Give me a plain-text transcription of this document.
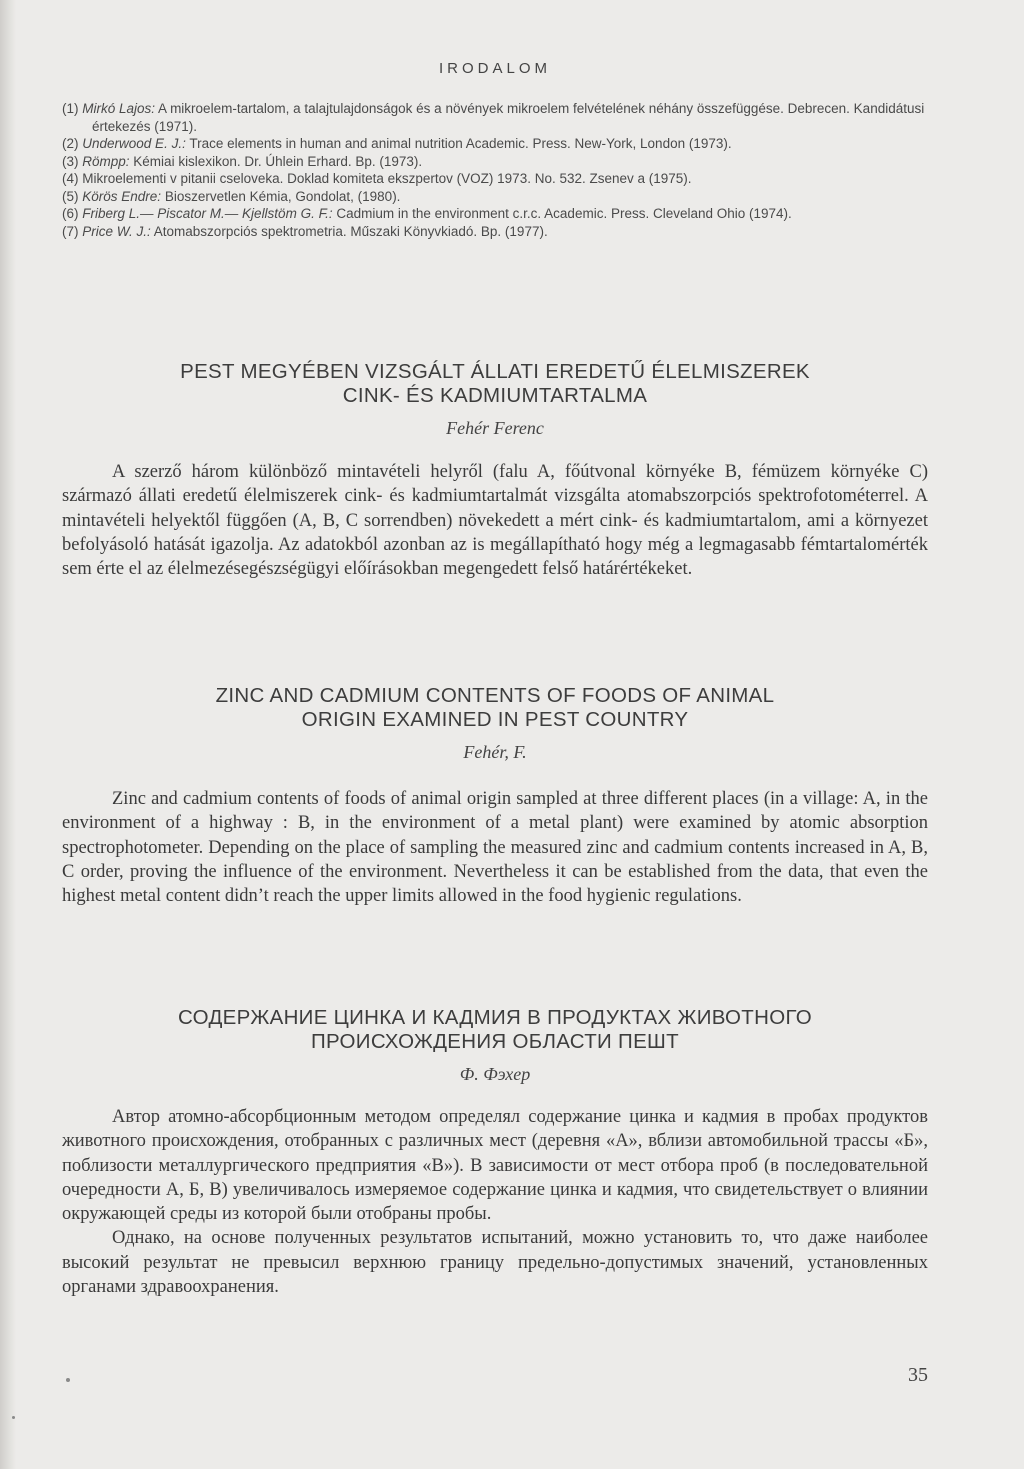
IRODALOM

(1) Mirkó Lajos: A mikroelem-tartalom, a talajtulajdonságok és a növények mikroelem felvételének néhány összefüggése. Debrecen. Kandidátusi értekezés (1971).

(2) Underwood E. J.: Trace elements in human and animal nutrition Academic. Press. New-York, London (1973).

(3) Römpp: Kémiai kislexikon. Dr. Úhlein Erhard. Bp. (1973).

(4) Mikroelementi v pitanii cseloveka. Doklad komiteta ekszpertov (VOZ) 1973. No. 532. Zsenev a (1975).

(5) Körös Endre: Bioszervetlen Kémia, Gondolat, (1980).

(6) Friberg L.— Piscator M.— Kjellstöm G. F.: Cadmium in the environment c.r.c. Academic. Press. Cleveland Ohio (1974).

(7) Price W. J.: Atomabszorpciós spektrometria. Műszaki Könyvkiadó. Bp. (1977).

PEST MEGYÉBEN VIZSGÁLT ÁLLATI EREDETŰ ÉLELMISZEREK
CINK- ÉS KADMIUMTARTALMA
Fehér Ferenc

A szerző három különböző mintavételi helyről (falu A, főútvonal környéke B, fémüzem környéke C) származó állati eredetű élelmiszerek cink- és kadmiumtartalmát vizsgálta atomabszorpciós spektrofotométerrel. A mintavételi helyektől függően (A, B, C sorrendben) növekedett a mért cink- és kadmiumtartalom, ami a környezet befolyásoló hatását igazolja. Az adatokból azonban az is megállapítható hogy még a legmagasabb fémtartalomérték sem érte el az élelmezésegészségügyi előírásokban megengedett felső határértékeket.

ZINC AND CADMIUM CONTENTS OF FOODS OF ANIMAL
ORIGIN EXAMINED IN PEST COUNTRY
Fehér, F.

Zinc and cadmium contents of foods of animal origin sampled at three different places (in a village: A, in the environment of a highway : B, in the environment of a metal plant) were examined by atomic absorption spectrophotometer. Depending on the place of sampling the measured zinc and cadmium contents increased in A, B, C order, proving the influence of the environment. Nevertheless it can be established from the data, that even the highest metal content didn’t reach the upper limits allowed in the food hygienic regulations.

СОДЕРЖАНИЕ ЦИНКА И КАДМИЯ В ПРОДУКТАХ ЖИВОТНОГО
ПРОИСХОЖДЕНИЯ ОБЛАСТИ ПЕШТ
Ф. Фэхер

Автор атомно-абсорбционным методом определял содержание цинка и кадмия в пробах продуктов животного происхождения, отобранных с различных мест (деревня «А», вблизи автомобильной трассы «Б», поблизости металлургического предприятия «В»). В зависимости от мест отбора проб (в последовательной очередности А, Б, В) увеличивалось измеряемое содержание цинка и кадмия, что свидетельствует о влиянии окружающей среды из которой были отобраны пробы.

Однако, на основе полученных результатов испытаний, можно установить то, что даже наиболее высокий результат не превысил верхнюю границу предельно-допустимых значений, установленных органами здравоохранения.

35
